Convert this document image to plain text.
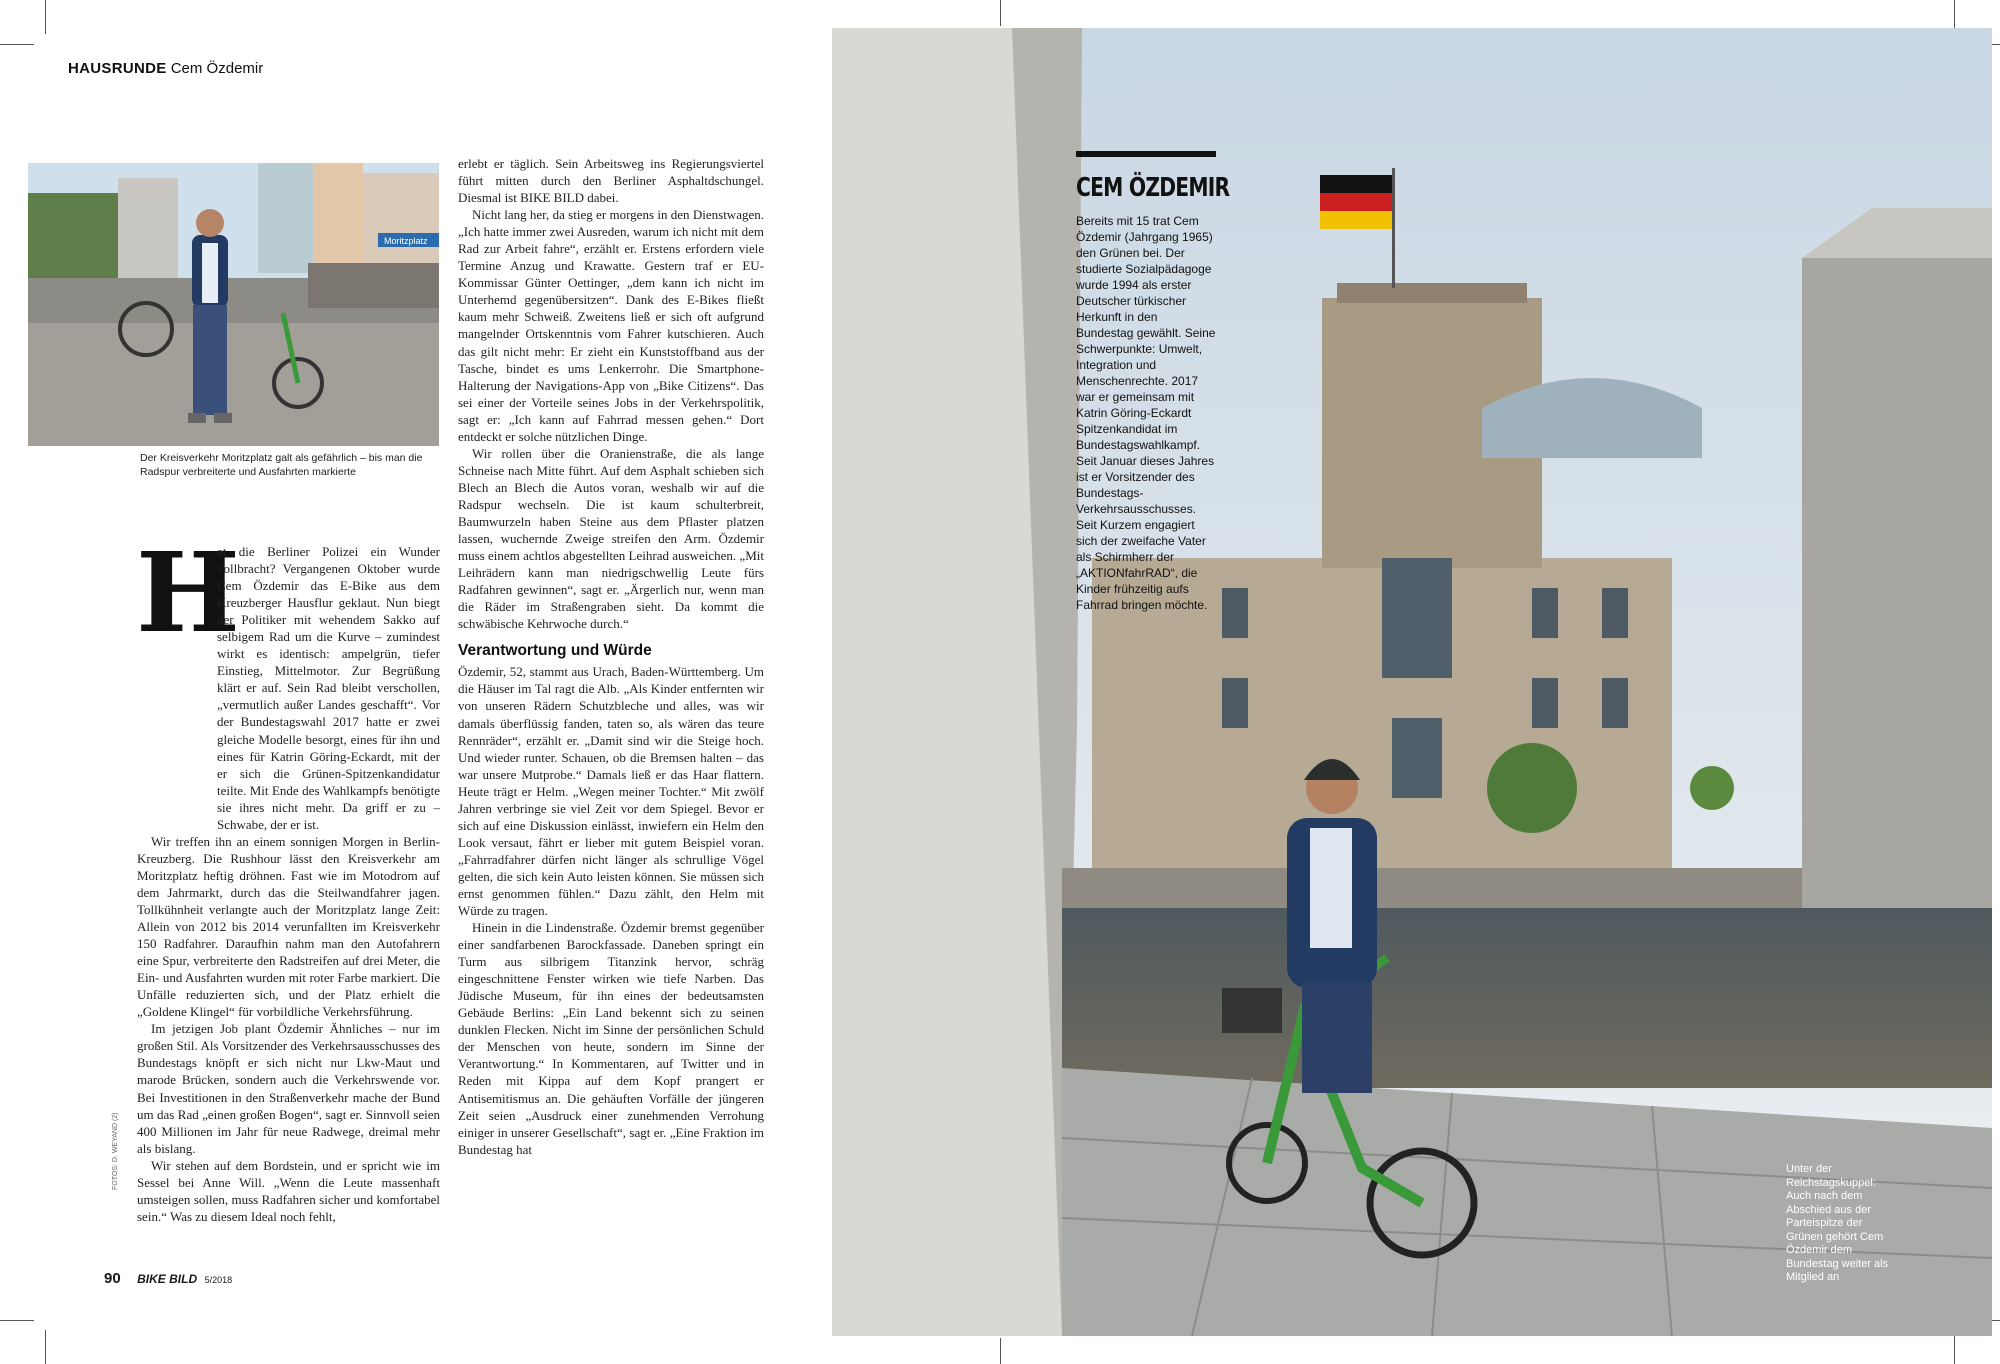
HAUSRUNDE Cem Özdemir
Moritzplatz
Der Kreisverkehr Moritzplatz galt als gefährlich – bis man die Radspur verbreiterte und Ausfahrten markierte
H

at die Berliner Polizei ein Wunder vollbracht? Vergangenen Oktober wurde Cem Özdemir das E-Bike aus dem Kreuzberger Hausflur geklaut. Nun biegt der Politiker mit wehendem Sakko auf selbigem Rad um die Kurve – zumindest wirkt es identisch: ampelgrün, tiefer Einstieg, Mittelmotor. Zur Begrüßung klärt er auf. Sein Rad bleibt verschollen, „vermutlich außer Landes geschafft“. Vor der Bundestagswahl 2017 hatte er zwei gleiche Modelle besorgt, eines für ihn und eines für Katrin Göring-Eckardt, mit der er sich die Grünen-Spitzenkandidatur teilte. Mit Ende des Wahlkampfs benötigte sie ihres nicht mehr. Da griff er zu – Schwabe, der er ist.

Wir treffen ihn an einem sonnigen Morgen in Berlin-Kreuzberg. Die Rushhour lässt den Kreisverkehr am Moritzplatz heftig dröhnen. Fast wie im Motodrom auf dem Jahrmarkt, durch das die Steilwandfahrer jagen. Tollkühnheit verlangte auch der Moritzplatz lange Zeit: Allein von 2012 bis 2014 verunfallten im Kreisverkehr 150 Radfahrer. Daraufhin nahm man den Autofahrern eine Spur, verbreiterte den Radstreifen auf drei Meter, die Ein- und Ausfahrten wurden mit roter Farbe markiert. Die Unfälle reduzierten sich, und der Platz erhielt die „Goldene Klingel“ für vorbildliche Verkehrsführung.

Im jetzigen Job plant Özdemir Ähnliches – nur im großen Stil. Als Vorsitzender des Verkehrsausschusses des Bundestags knöpft er sich nicht nur Lkw-Maut und marode Brücken, sondern auch die Verkehrswende vor. Bei Investitionen in den Straßenverkehr mache der Bund um das Rad „einen großen Bogen“, sagt er. Sinnvoll seien 400 Millionen im Jahr für neue Radwege, dreimal mehr als bislang.

Wir stehen auf dem Bordstein, und er spricht wie im Sessel bei Anne Will. „Wenn die Leute massenhaft umsteigen sollen, muss Radfahren sicher und komfortabel sein.“ Was zu diesem Ideal noch fehlt,

erlebt er täglich. Sein Arbeitsweg ins Regierungsviertel führt mitten durch den Berliner Asphaltdschungel. Diesmal ist BIKE BILD dabei.

Nicht lang her, da stieg er morgens in den Dienstwagen. „Ich hatte immer zwei Ausreden, warum ich nicht mit dem Rad zur Arbeit fahre“, erzählt er. Erstens erfordern viele Termine Anzug und Krawatte. Gestern traf er EU-Kommissar Günter Oettinger, „dem kann ich nicht im Unterhemd gegenübersitzen“. Dank des E-Bikes fließt kaum mehr Schweiß. Zweitens ließ er sich oft aufgrund mangelnder Ortskenntnis vom Fahrer kutschieren. Auch das gilt nicht mehr: Er zieht ein Kunststoffband aus der Tasche, bindet es ums Lenkerrohr. Die Smartphone-Halterung der Navigations-App von „Bike Citizens“. Das sei einer der Vorteile seines Jobs in der Verkehrspolitik, sagt er: „Ich kann auf Fahrrad messen gehen.“ Dort entdeckt er solche nützlichen Dinge.

Wir rollen über die Oranienstraße, die als lange Schneise nach Mitte führt. Auf dem Asphalt schieben sich Blech an Blech die Autos voran, weshalb wir auf die Radspur wechseln. Die ist kaum schulterbreit, Baumwurzeln haben Steine aus dem Pflaster platzen lassen, wuchernde Zweige streifen den Arm. Özdemir muss einem achtlos abgestellten Leihrad ausweichen. „Mit Leihrädern kann man niedrigschwellig Leute fürs Radfahren gewinnen“, sagt er. „Ärgerlich nur, wenn man die Räder im Straßengraben sieht. Da kommt die schwäbische Kehrwoche durch.“

Verantwortung und Würde

Özdemir, 52, stammt aus Urach, Baden-Württemberg. Um die Häuser im Tal ragt die Alb. „Als Kinder entfernten wir von unseren Rädern Schutzbleche und alles, was wir damals überflüssig fanden, taten so, als wären das teure Rennräder“, erzählt er. „Damit sind wir die Steige hoch. Und wieder runter. Schauen, ob die Bremsen halten – das war unsere Mutprobe.“ Damals ließ er das Haar flattern. Heute trägt er Helm. „Wegen meiner Tochter.“ Mit zwölf Jahren verbringe sie viel Zeit vor dem Spiegel. Bevor er sich auf eine Diskussion einlässt, inwiefern ein Helm den Look versaut, fährt er lieber mit gutem Beispiel voran. „Fahrradfahrer dürfen nicht länger als schrullige Vögel gelten, die sich kein Auto leisten können. Sie müssen sich ernst genommen fühlen.“ Dazu zählt, den Helm mit Würde zu tragen.

Hinein in die Lindenstraße. Özdemir bremst gegenüber einer sandfarbenen Barockfassade. Daneben springt ein Turm aus silbrigem Titanzink hervor, schräg eingeschnittene Fenster wirken wie tiefe Narben. Das Jüdische Museum, für ihn eines der bedeutsamsten Gebäude Berlins: „Ein Land bekennt sich zu seinen dunklen Flecken. Nicht im Sinne der persönlichen Schuld der Menschen von heute, sondern im Sinne der Verantwortung.“ In Kommentaren, auf Twitter und in Reden mit Kippa auf dem Kopf prangert er Antisemitismus an. Die gehäuften Vorfälle der jüngeren Zeit seien „Ausdruck einer zunehmenden Verrohung einiger in unserer Gesellschaft“, sagt er. „Eine Fraktion im Bundestag hat

FOTOS: D. WEYAND (2)
90 BIKE BILD 5/2018
CEM ÖZDEMIR
Bereits mit 15 trat Cem Özdemir (Jahrgang 1965) den Grünen bei. Der studierte Sozialpädagoge wurde 1994 als erster Deutscher türkischer Herkunft in den Bundestag gewählt. Seine Schwerpunkte: Umwelt, Integration und Menschenrechte. 2017 war er gemeinsam mit Katrin Göring-Eckardt Spitzenkandidat im Bundestagswahlkampf. Seit Januar dieses Jahres ist er Vorsitzender des Bundestags-Verkehrsausschusses. Seit Kurzem engagiert sich der zweifache Vater als Schirmherr der „AKTIONfahrRAD“, die Kinder frühzeitig aufs Fahrrad bringen möchte.
Unter der Reichstagskuppel: Auch nach dem Abschied aus der Parteispitze der Grünen gehört Cem Özdemir dem Bundestag weiter als Mitglied an
